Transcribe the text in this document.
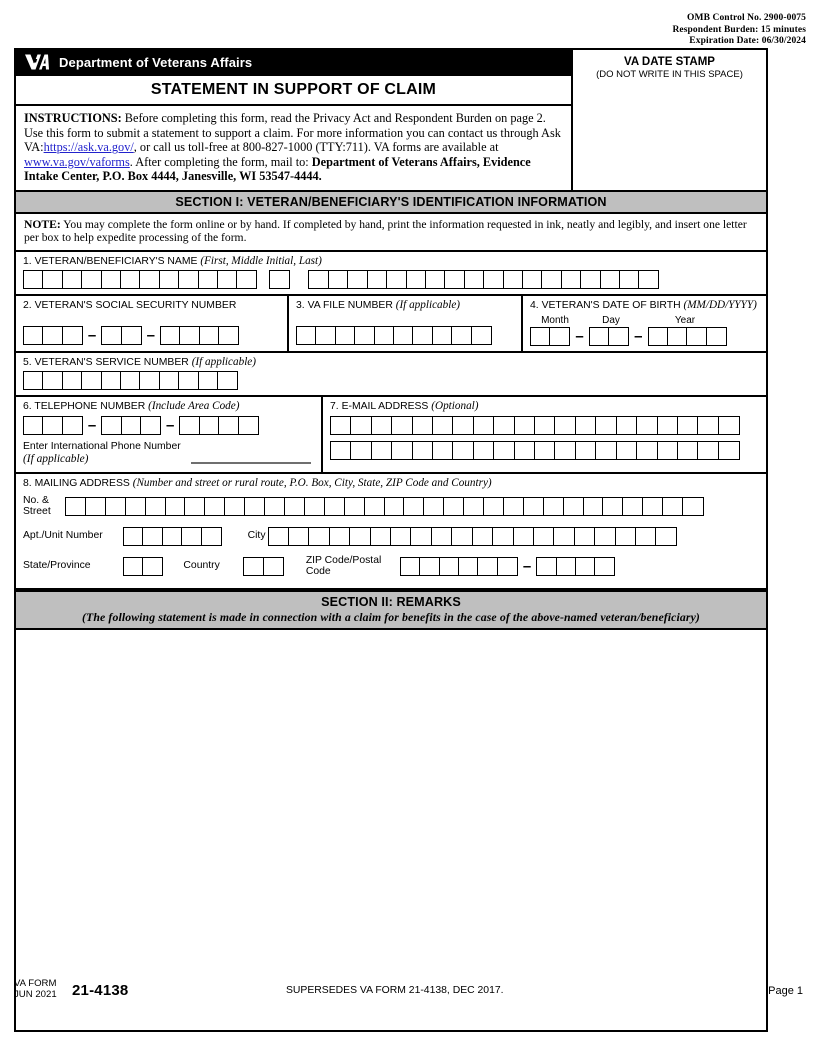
OMB Control No. 2900-0075
Respondent Burden: 15 minutes
Expiration Date: 06/30/2024
Department of Veterans Affairs
STATEMENT IN SUPPORT OF CLAIM
INSTRUCTIONS: Before completing this form, read the Privacy Act and Respondent Burden on page 2. Use this form to submit a statement to support a claim. For more information you can contact us through Ask VA:https://ask.va.gov/, or call us toll-free at 800-827-1000 (TTY:711). VA forms are available at www.va.gov/vaforms. After completing the form, mail to: Department of Veterans Affairs, Evidence Intake Center, P.O. Box 4444, Janesville, WI 53547-4444.
VA DATE STAMP
(DO NOT WRITE IN THIS SPACE)
SECTION I: VETERAN/BENEFICIARY'S IDENTIFICATION INFORMATION
NOTE: You may complete the form online or by hand. If completed by hand, print the information requested in ink, neatly and legibly, and insert one letter per box to help expedite processing of the form.
1. VETERAN/BENEFICIARY'S NAME (First, Middle Initial, Last)
2. VETERAN'S SOCIAL SECURITY NUMBER
–	–
3. VA FILE NUMBER (If applicable)	4. VETERAN'S DATE OF BIRTH (MM/DD/YYYY)
Month	Day	Year
–	–
5. VETERAN'S SERVICE NUMBER (If applicable)
6. TELEPHONE NUMBER (Include Area Code)
–	–
Enter International Phone Number
(If applicable)
7. E-MAIL ADDRESS (Optional)
8. MAILING ADDRESS (Number and street or rural route, P.O. Box, City, State, ZIP Code and Country)
No. &
Street
Apt./Unit Number	City
State/Province	Country
ZIP Code/Postal Code	–
SECTION II: REMARKS
(The following statement is made in connection with a claim for benefits in the case of the above-named veteran/beneficiary)
VA FORM
JUN 2021 21-4138	SUPERSEDES VA FORM 21-4138, DEC 2017.	Page 1
